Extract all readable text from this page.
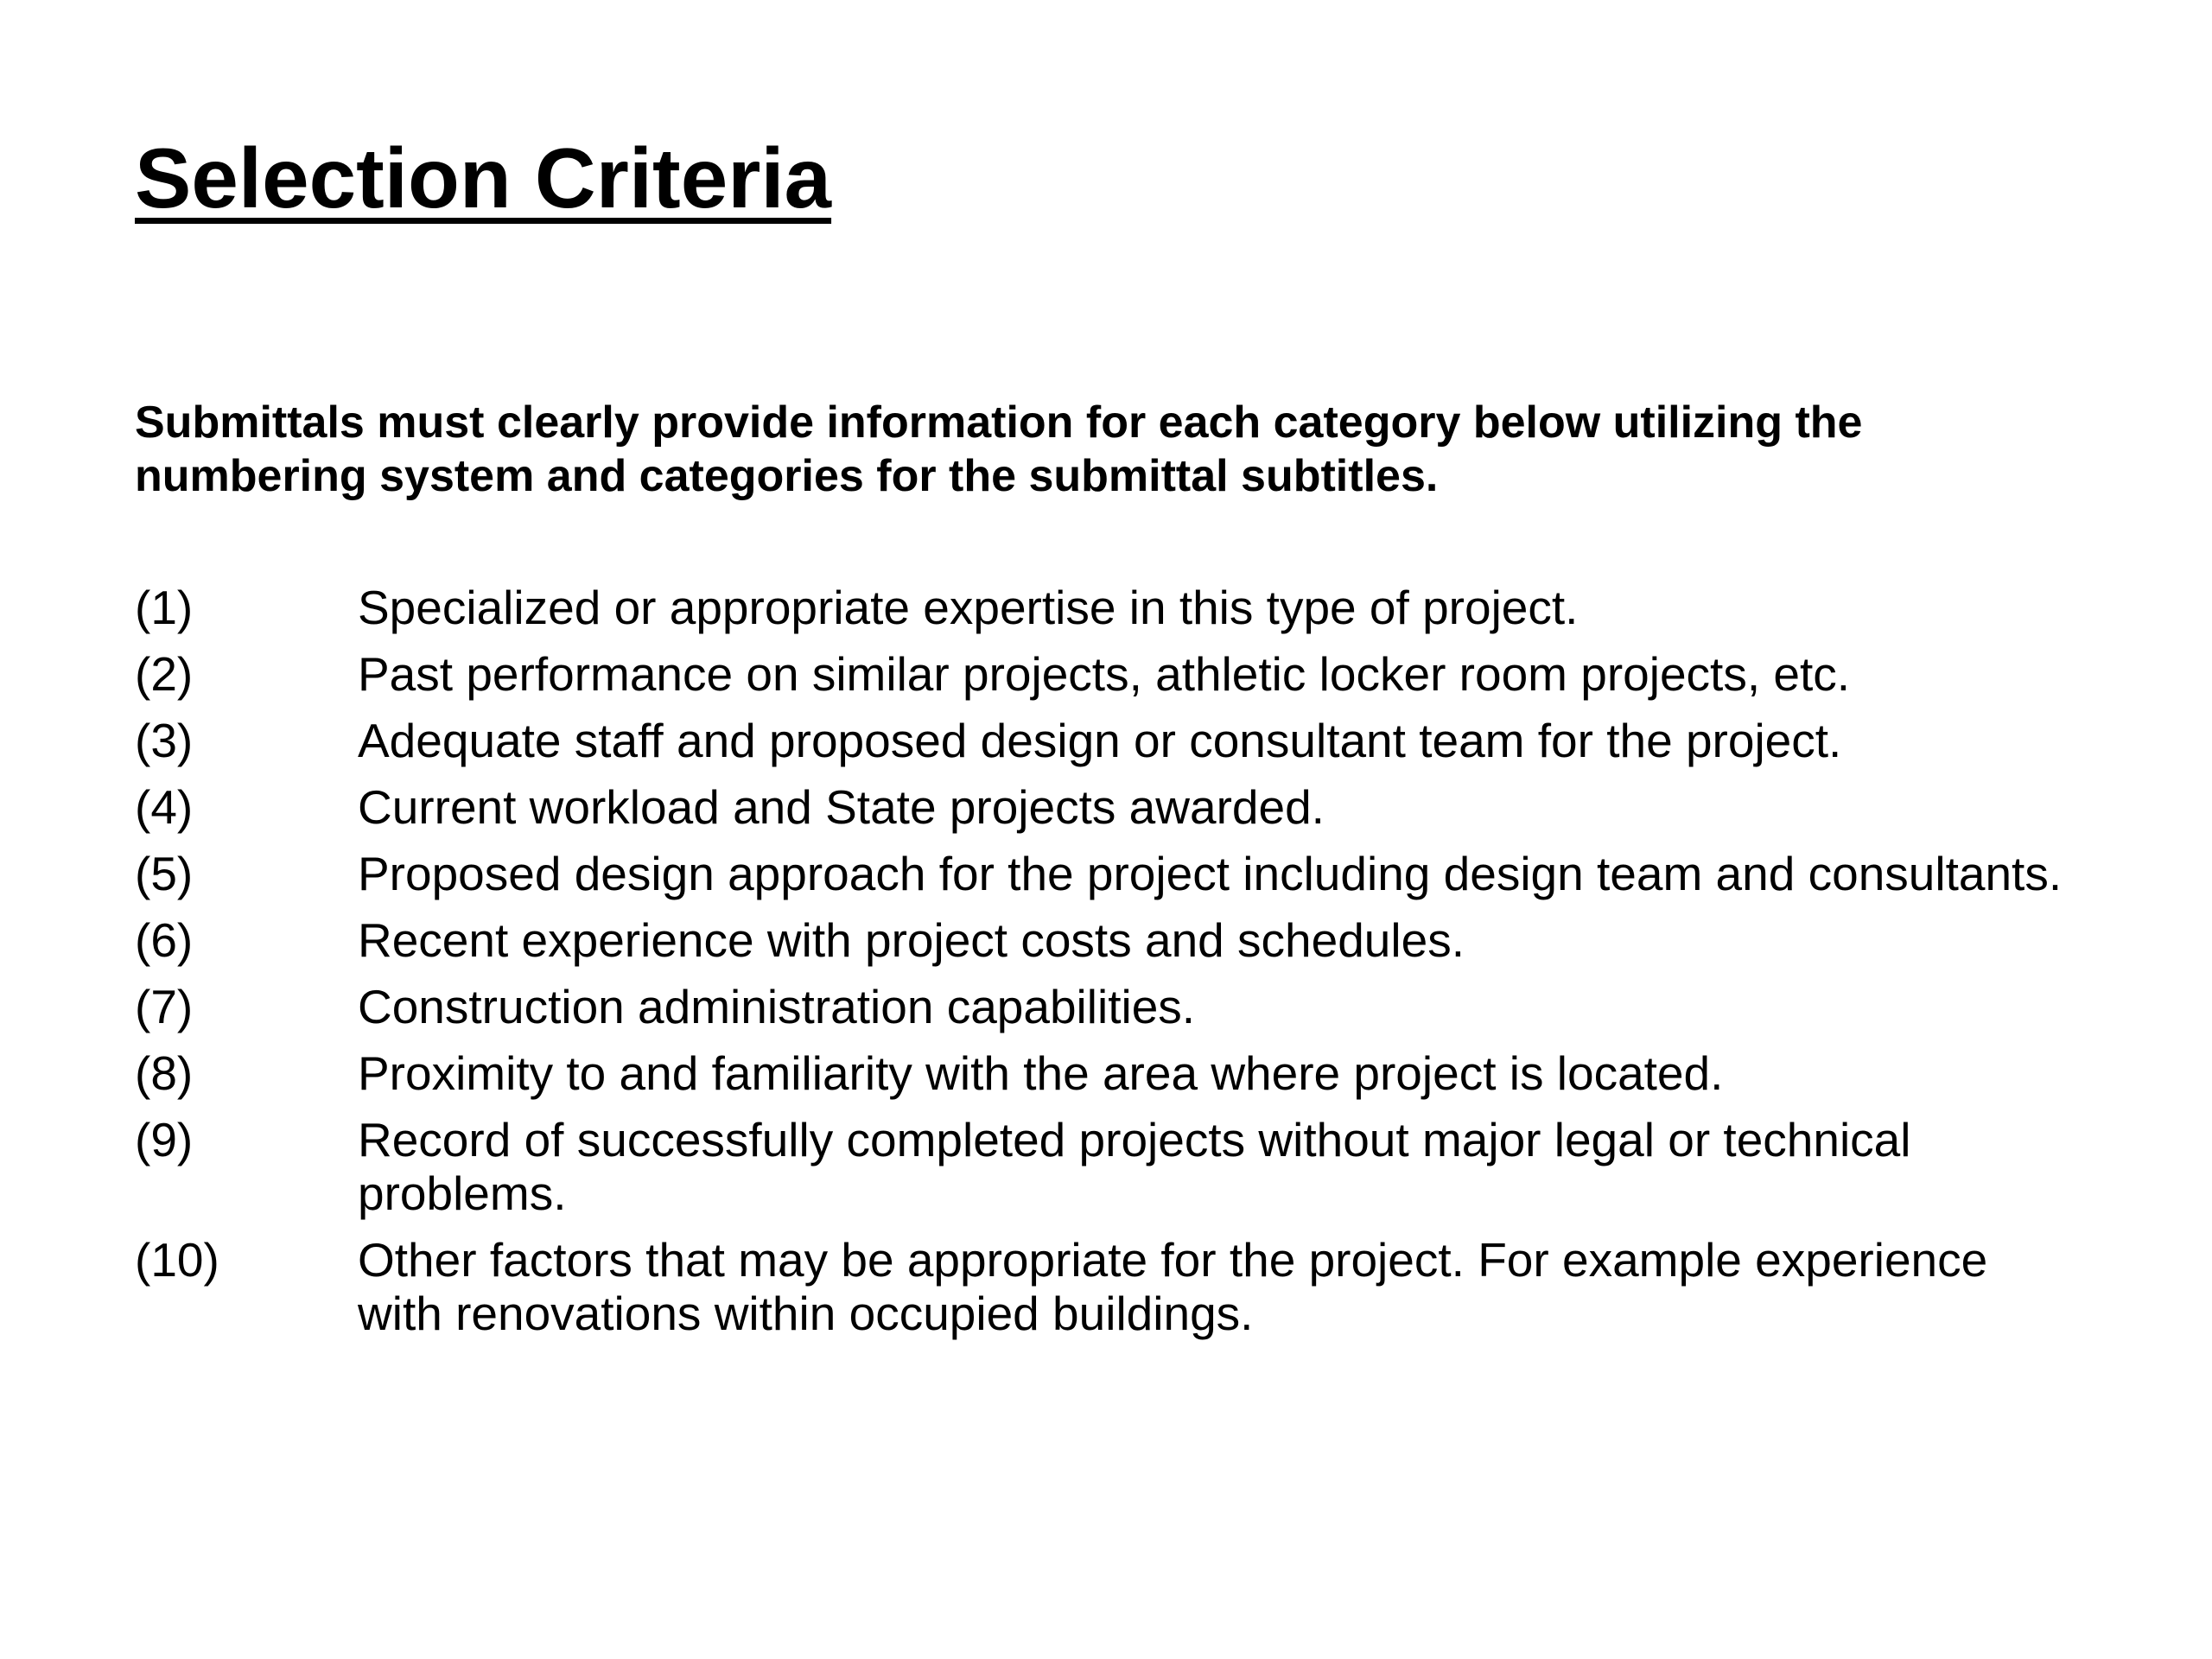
Selection Criteria

Submittals must clearly provide information for each category below utilizing the numbering system and categories for the submittal subtitles.

(1)	Specialized or appropriate expertise in this type of project.
(2)	Past performance on similar projects, athletic locker room projects, etc.
(3)	Adequate staff and proposed design or consultant team for the project.
(4)	Current workload and State projects awarded.
(5)	Proposed design approach for the project including design team and consultants.
(6)	Recent experience with project costs and schedules.
(7)	Construction administration capabilities.
(8)	Proximity to and familiarity with the area where project is located.
(9)	Record of successfully completed projects without major legal or technical problems.
(10)	Other factors that may be appropriate for the project. For example experience with renovations within occupied buildings.
